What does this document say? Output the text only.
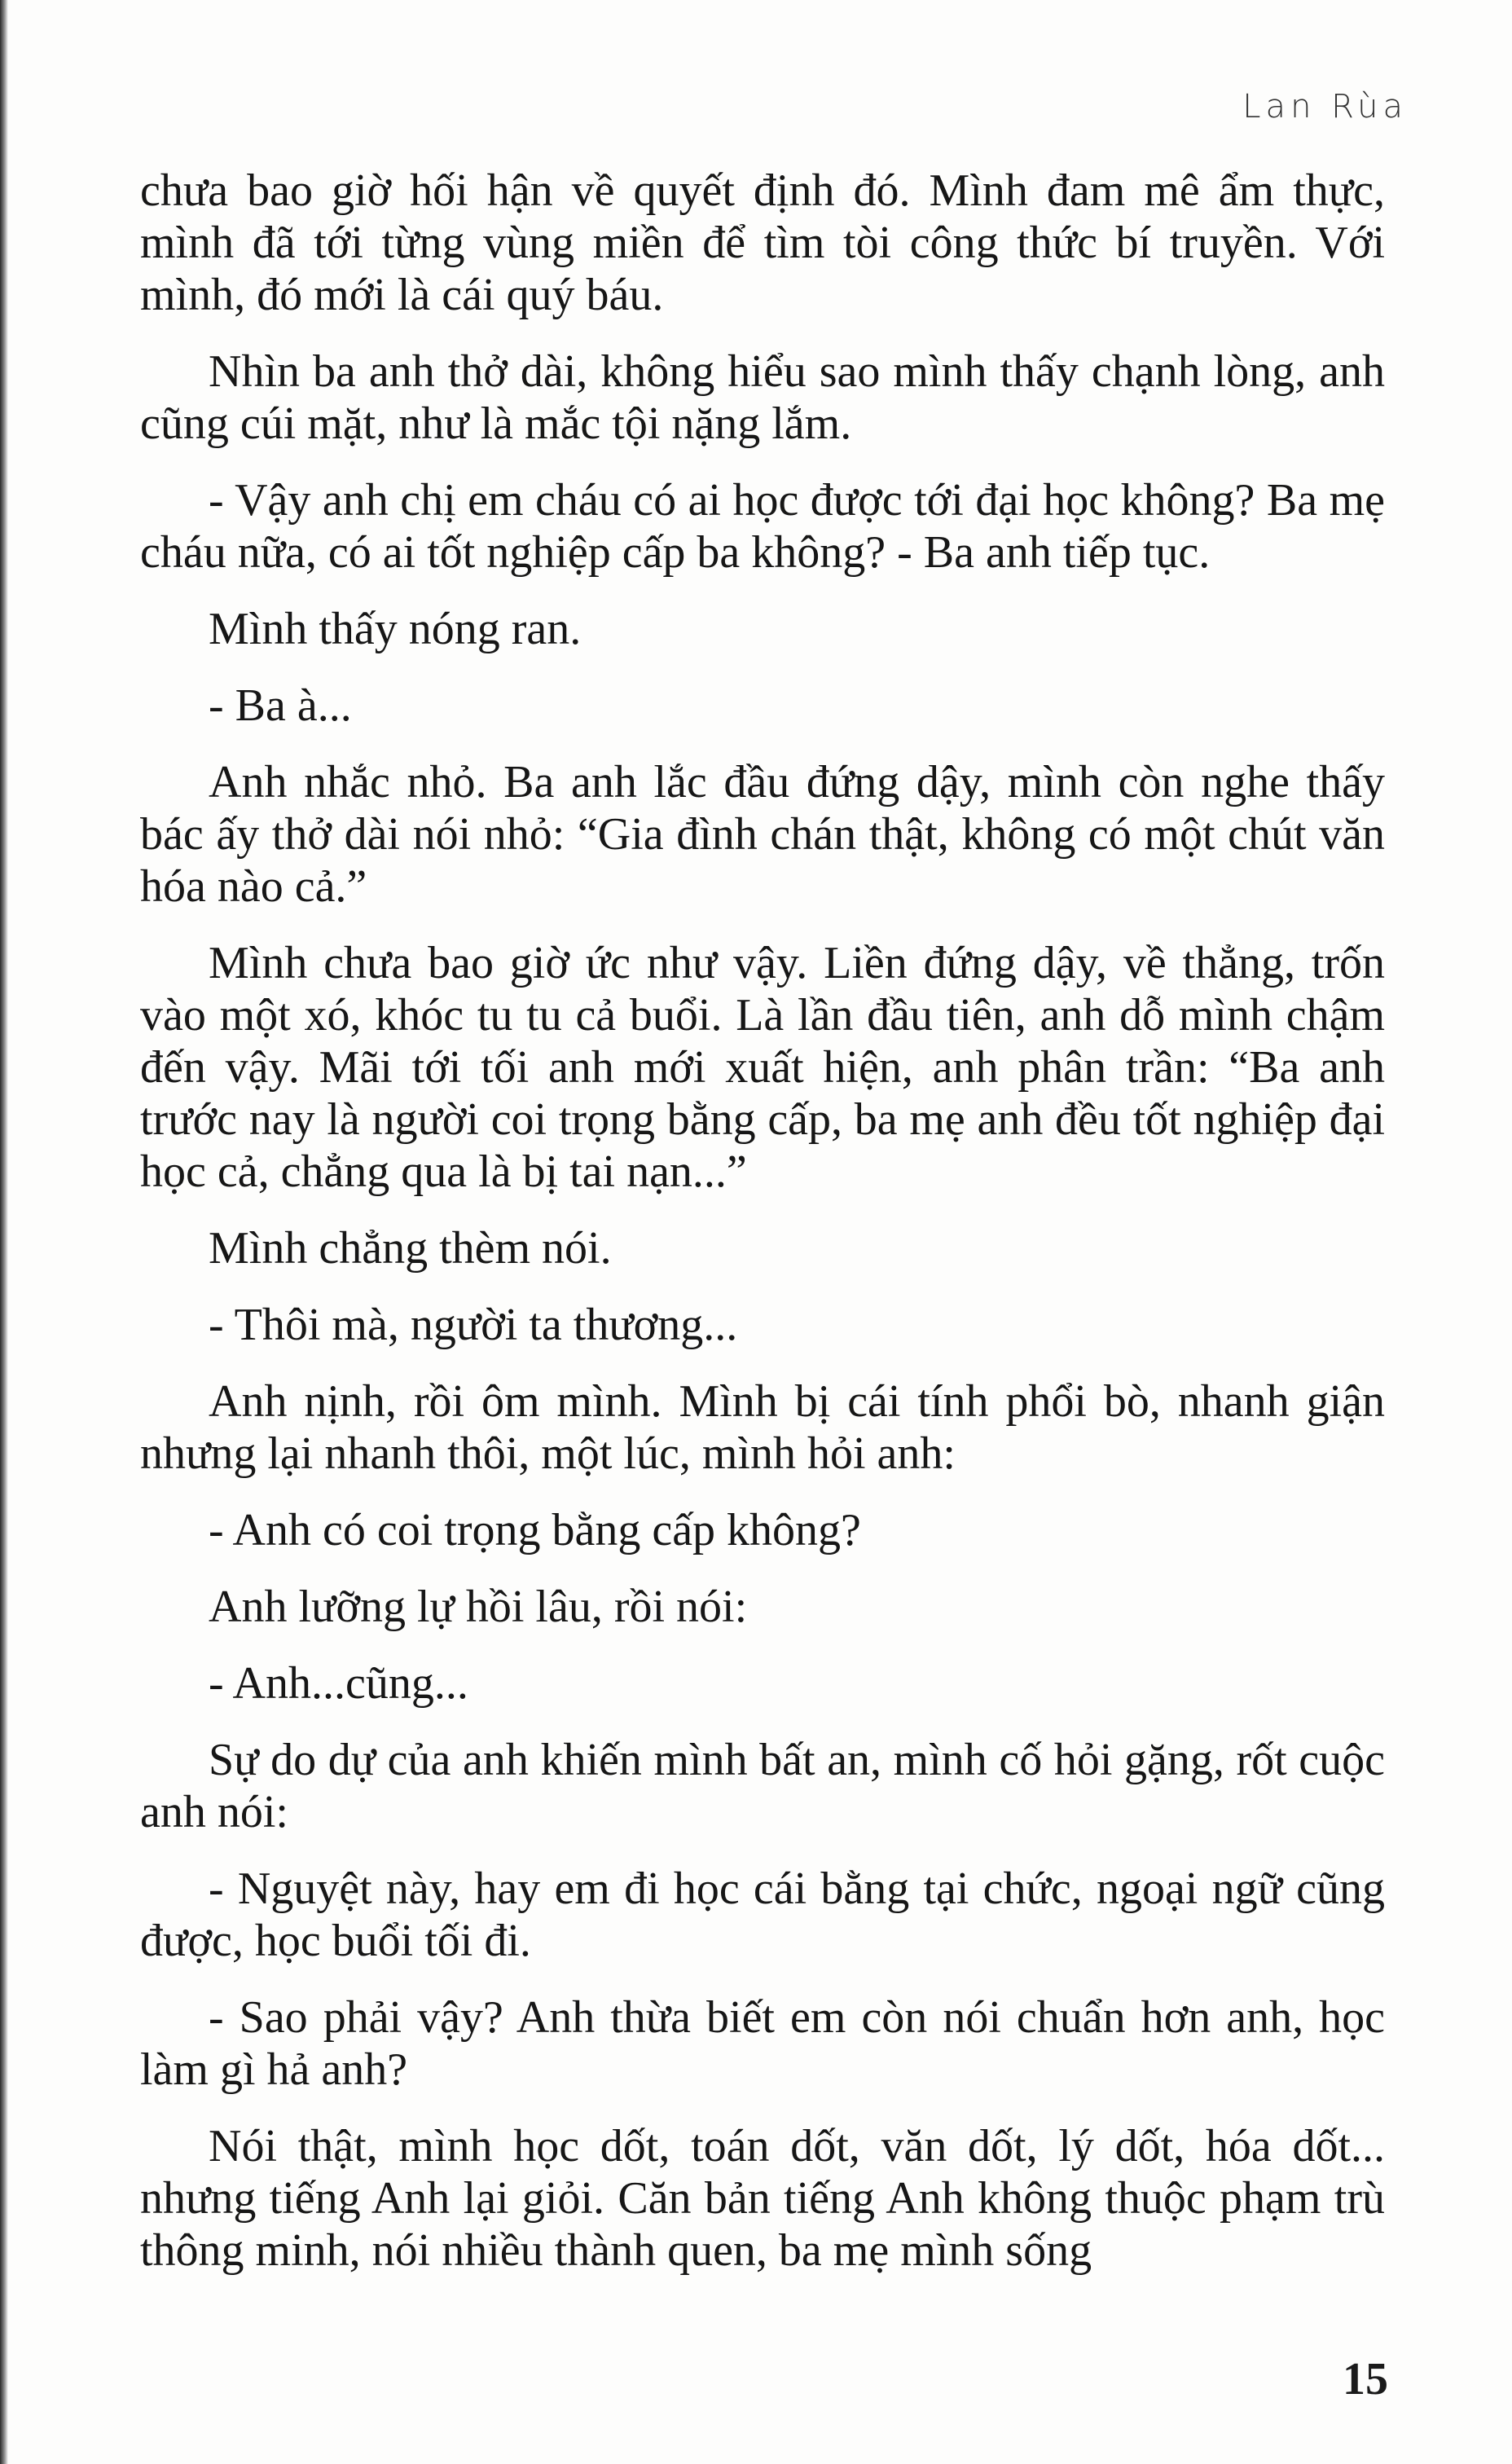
Lan Rùa

chưa bao giờ hối hận về quyết định đó. Mình đam mê ẩm thực, mình đã tới từng vùng miền để tìm tòi công thức bí truyền. Với mình, đó mới là cái quý báu.

Nhìn ba anh thở dài, không hiểu sao mình thấy chạnh lòng, anh cũng cúi mặt, như là mắc tội nặng lắm.

- Vậy anh chị em cháu có ai học được tới đại học không? Ba mẹ cháu nữa, có ai tốt nghiệp cấp ba không? - Ba anh tiếp tục.

Mình thấy nóng ran.

- Ba à...

Anh nhắc nhỏ. Ba anh lắc đầu đứng dậy, mình còn nghe thấy bác ấy thở dài nói nhỏ: “Gia đình chán thật, không có một chút văn hóa nào cả.”

Mình chưa bao giờ ức như vậy. Liền đứng dậy, về thẳng, trốn vào một xó, khóc tu tu cả buổi. Là lần đầu tiên, anh dỗ mình chậm đến vậy. Mãi tới tối anh mới xuất hiện, anh phân trần: “Ba anh trước nay là người coi trọng bằng cấp, ba mẹ anh đều tốt nghiệp đại học cả, chẳng qua là bị tai nạn...”

Mình chẳng thèm nói.

- Thôi mà, người ta thương...

Anh nịnh, rồi ôm mình. Mình bị cái tính phổi bò, nhanh giận nhưng lại nhanh thôi, một lúc, mình hỏi anh:

- Anh có coi trọng bằng cấp không?

Anh lưỡng lự hồi lâu, rồi nói:

- Anh...cũng...

Sự do dự của anh khiến mình bất an, mình cố hỏi gặng, rốt cuộc anh nói:

- Nguyệt này, hay em đi học cái bằng tại chức, ngoại ngữ cũng được, học buổi tối đi.

- Sao phải vậy? Anh thừa biết em còn nói chuẩn hơn anh, học làm gì hả anh?

Nói thật, mình học dốt, toán dốt, văn dốt, lý dốt, hóa dốt... nhưng tiếng Anh lại giỏi. Căn bản tiếng Anh không thuộc phạm trù thông minh, nói nhiều thành quen, ba mẹ mình sống

15
